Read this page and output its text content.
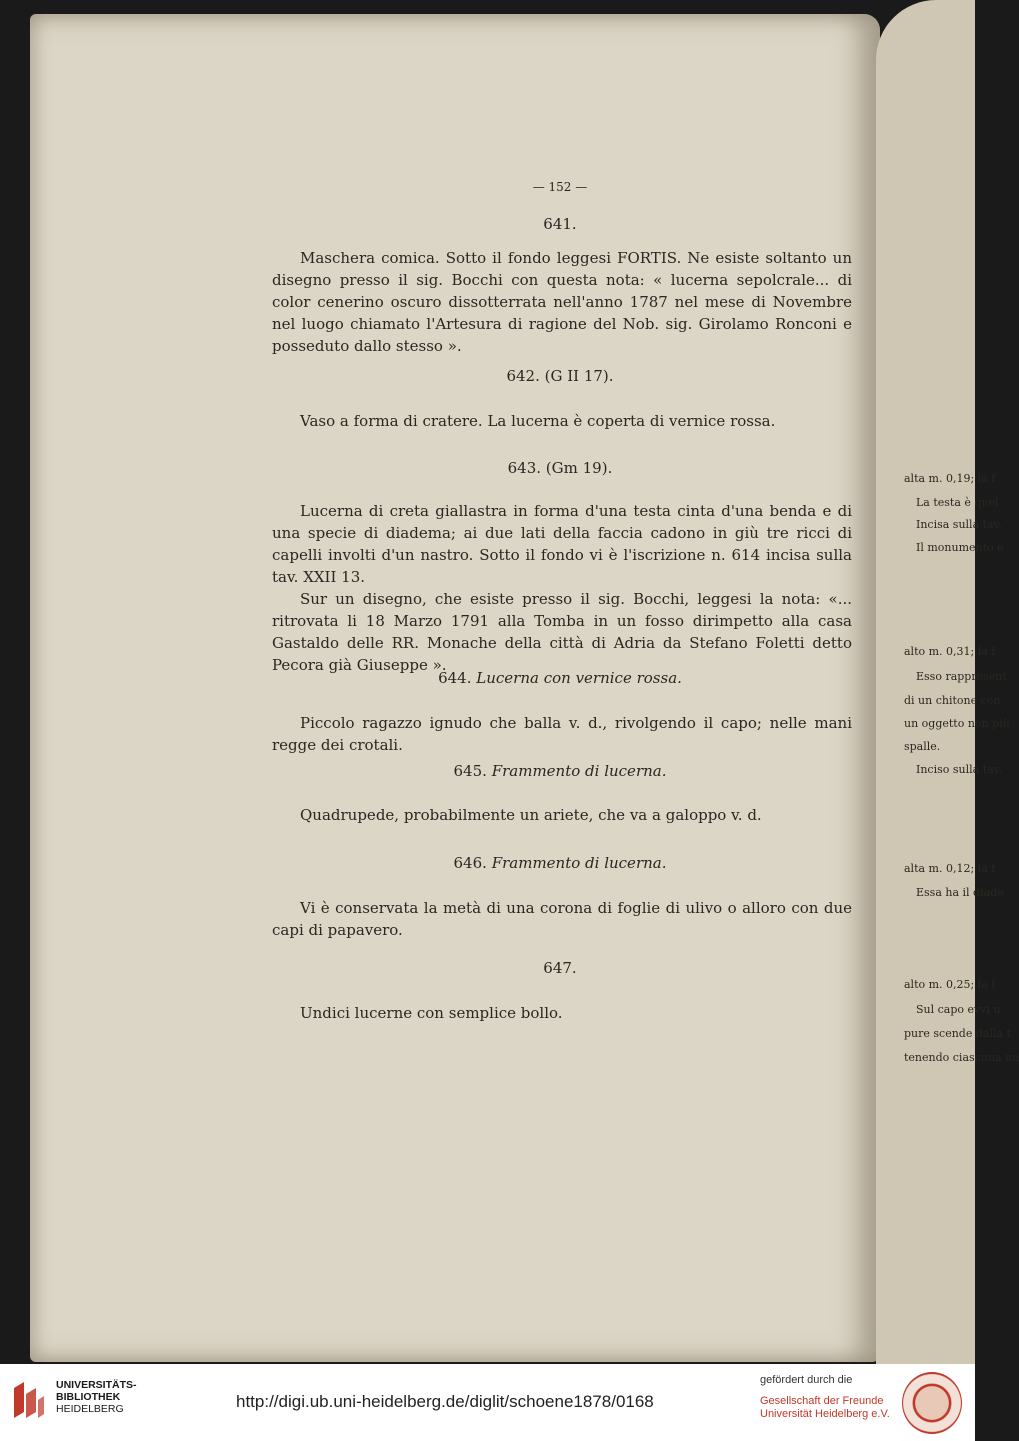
— 152 —
641.

Maschera comica. Sotto il fondo leggesi FORTIS. Ne esiste soltanto un disegno presso il sig. Bocchi con questa nota: « lucerna sepolcrale... di color cenerino oscuro dissotterrata nell'anno 1787 nel mese di Novembre nel luogo chiamato l'Artesura di ragione del Nob. sig. Girolamo Ronconi e posseduto dallo stesso ».

642. (G II 17).

Vaso a forma di cratere. La lucerna è coperta di vernice rossa.

643. (Gm 19).

Lucerna di creta giallastra in forma d'una testa cinta d'una benda e di una specie di diadema; ai due lati della faccia cadono in giù tre ricci di capelli involti d'un nastro. Sotto il fondo vi è l'iscrizione n. 614 incisa sulla tav. XXII 13.

Sur un disegno, che esiste presso il sig. Bocchi, leggesi la nota: «... ritrovata li 18 Marzo 1791 alla Tomba in un fosso dirimpetto alla casa Gastaldo delle RR. Monache della città di Adria da Stefano Foletti detto Pecora già Giuseppe ».

644. Lucerna con vernice rossa.

Piccolo ragazzo ignudo che balla v. d., rivolgendo il capo; nelle mani regge dei crotali.

645. Frammento di lucerna.

Quadrupede, probabilmente un ariete, che va a galoppo v. d.

646. Frammento di lucerna.

Vi è conservata la metà di una corona di foglie di ulivo o alloro con due capi di papavero.

647.

Undici lucerne con semplice bollo.

alta m. 0,19; la f
La testa è quel
Incisa sulla tav.
Il monumento è
alto m. 0,31; la f
Esso rappresent
di un chitone con
un oggetto non più
spalle.
Inciso sulla tav.
alta m. 0,12; la f
Essa ha il diade
alto m. 0,25; la f
Sul capo evvi u
pure scende dalla t
tenendo ciascuna un
UNIVERSITÄTS-
BIBLIOTHEK
HEIDELBERG	http://digi.ub.uni-heidelberg.de/diglit/schoene1878/0168
gefördert durch die

Gesellschaft der Freunde
Universität Heidelberg e.V.
